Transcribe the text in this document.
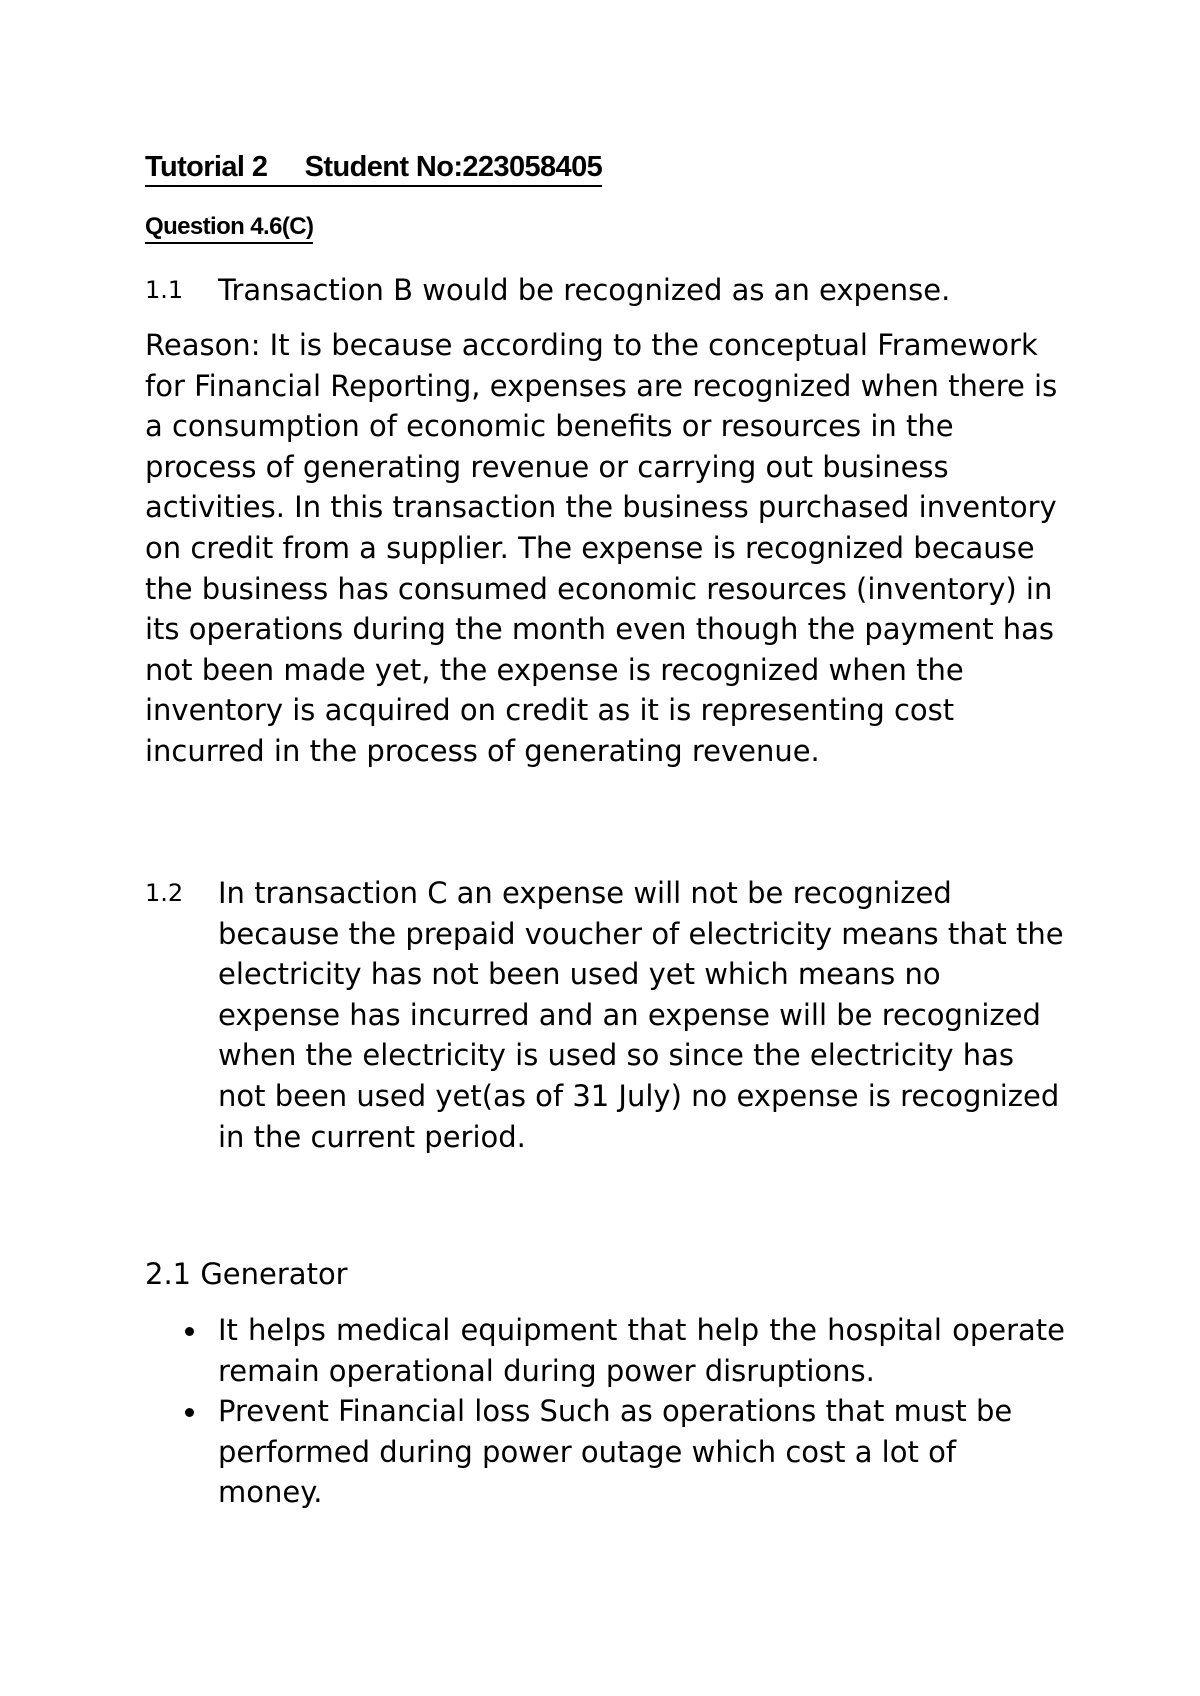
Tutorial 2 Student No:223058405
Question 4.6(C)
1.1 Transaction B would be recognized as an expense.

Reason: It is because according to the conceptual Framework for Financial Reporting, expenses are recognized when there is a consumption of economic benefits or resources in the process of generating revenue or carrying out business activities. In this transaction the business purchased inventory on credit from a supplier. The expense is recognized because the business has consumed economic resources (inventory) in its operations during the month even though the payment has not been made yet, the expense is recognized when the inventory is acquired on credit as it is representing cost incurred in the process of generating revenue.

1.2 In transaction C an expense will not be recognized because the prepaid voucher of electricity means that the electricity has not been used yet which means no expense has incurred and an expense will be recognized when the electricity is used so since the electricity has not been used yet(as of 31 July) no expense is recognized in the current period.

2.1 Generator

It helps medical equipment that help the hospital operate remain operational during power disruptions.
Prevent Financial loss Such as operations that must be performed during power outage which cost a lot of money.
